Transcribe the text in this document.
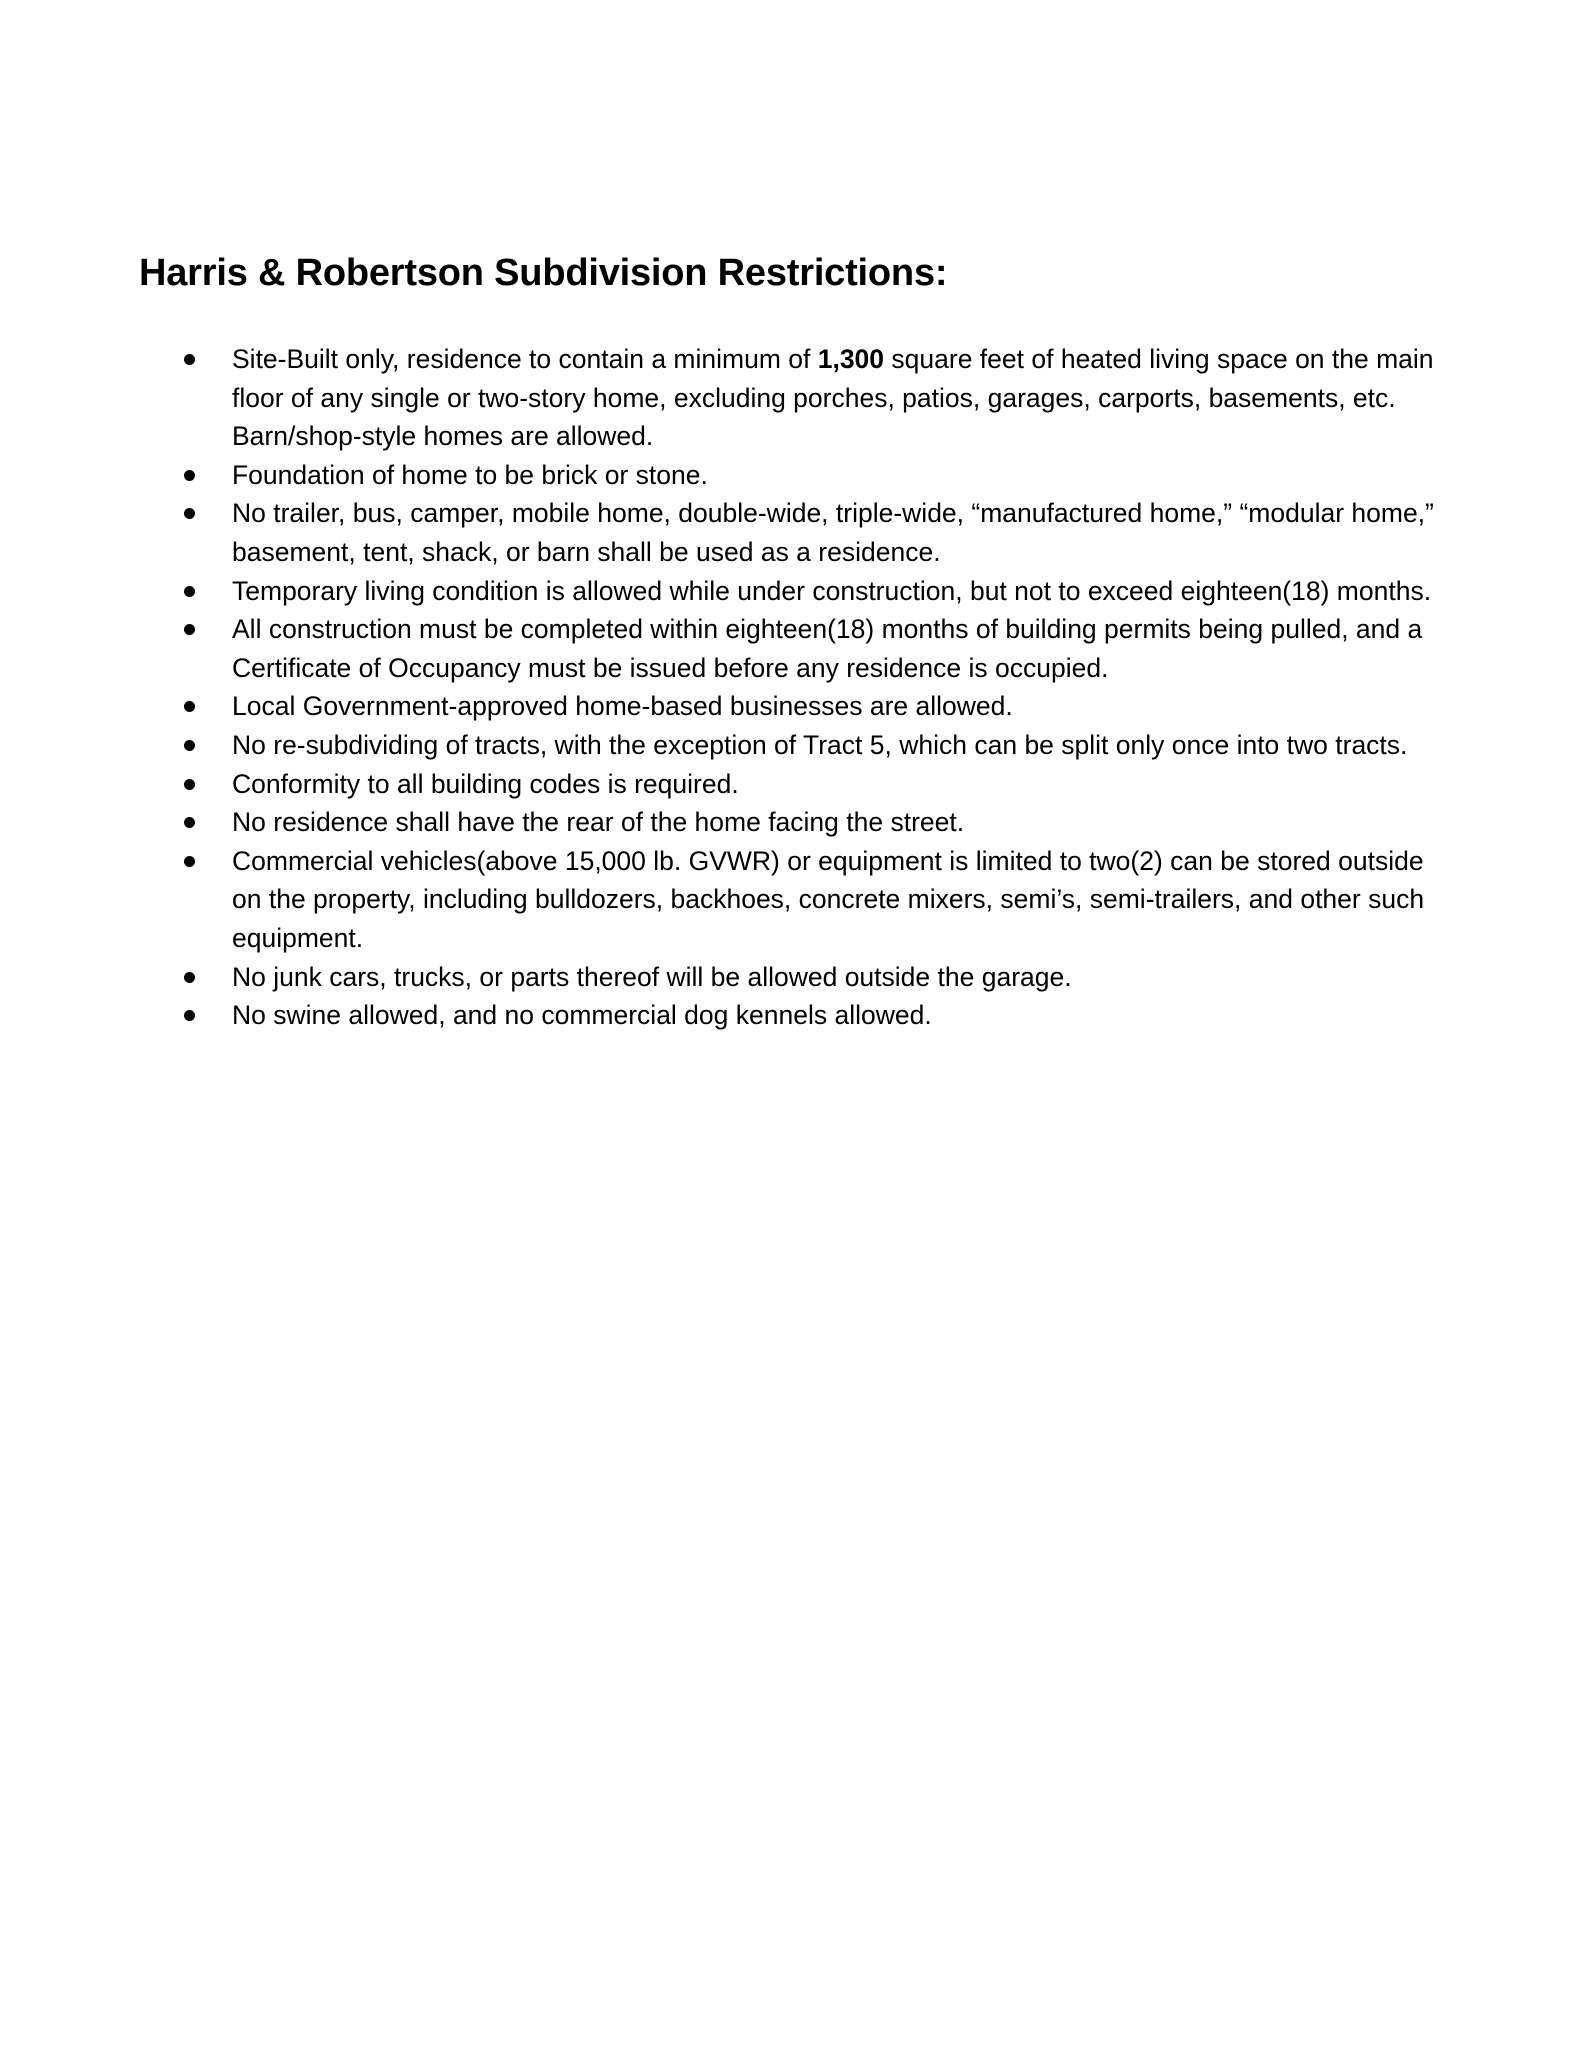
Harris & Robertson Subdivision Restrictions:
Site-Built only, residence to contain a minimum of 1,300 square feet of heated living space on the main floor of any single or two-story home, excluding porches, patios, garages, carports, basements, etc. Barn/shop-style homes are allowed.
Foundation of home to be brick or stone.
No trailer, bus, camper, mobile home, double-wide, triple-wide, “manufactured home,” “modular home,” basement, tent, shack, or barn shall be used as a residence.
Temporary living condition is allowed while under construction, but not to exceed eighteen(18) months.
All construction must be completed within eighteen(18) months of building permits being pulled, and a Certificate of Occupancy must be issued before any residence is occupied.
Local Government-approved home-based businesses are allowed.
No re-subdividing of tracts, with the exception of Tract 5, which can be split only once into two tracts.
Conformity to all building codes is required.
No residence shall have the rear of the home facing the street.
Commercial vehicles(above 15,000 lb. GVWR) or equipment is limited to two(2) can be stored outside on the property, including bulldozers, backhoes, concrete mixers, semi’s, semi-trailers, and other such equipment.
No junk cars, trucks, or parts thereof will be allowed outside the garage.
No swine allowed, and no commercial dog kennels allowed.
